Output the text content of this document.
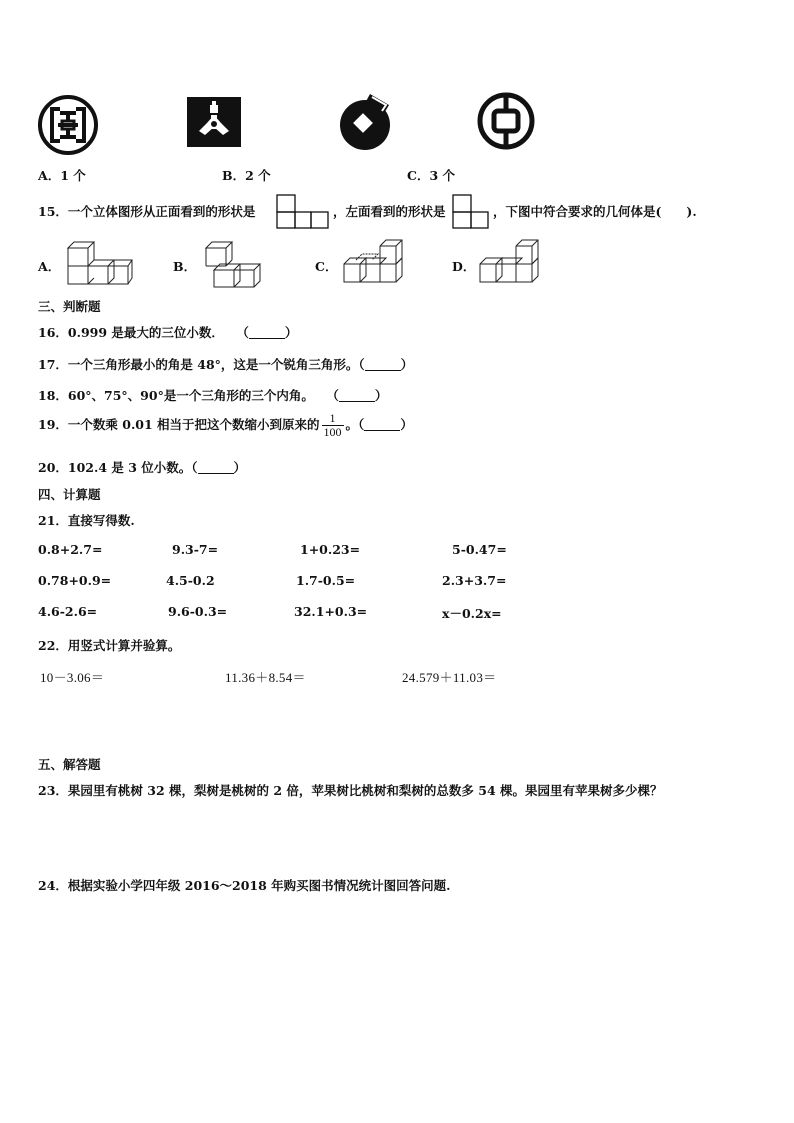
A．1 个	B．2 个	C．3 个
15．一个立体图形从正面看到的形状是	，左面看到的形状是	，下图中符合要求的几何体是(　　).
A．	B．	C．	D．
三、判断题
16．0.999 是最大的三位小数．　　（	）
17．一个三角形最小的角是 48°，这是一个锐角三角形。（	）
18．60°、75°、90°是一个三角形的三个内角。　　（	）
19．一个数乘 0.01 相当于把这个数缩小到原来的 $\frac{1}{100}$ 。（	）
20．102.4 是 3 位小数。（	）
四、计算题
21．直接写得数.
0.8+2.7=	9.3-7=	1+0.23=	5-0.47=
0.78+0.9=	4.5-0.2	1.7-0.5=	2.3+3.7=
4.6-2.6=	9.6-0.3=	32.1+0.3=	x－0.2x=
22．用竖式计算并验算。
10－3.06＝	11.36＋8.54＝	24.579＋11.03＝
五、解答题
23．果园里有桃树 32 棵，梨树是桃树的 2 倍，苹果树比桃树和梨树的总数多 54 棵。果园里有苹果树多少棵？
24．根据实验小学四年级 2016～2018 年购买图书情况统计图回答问题.
